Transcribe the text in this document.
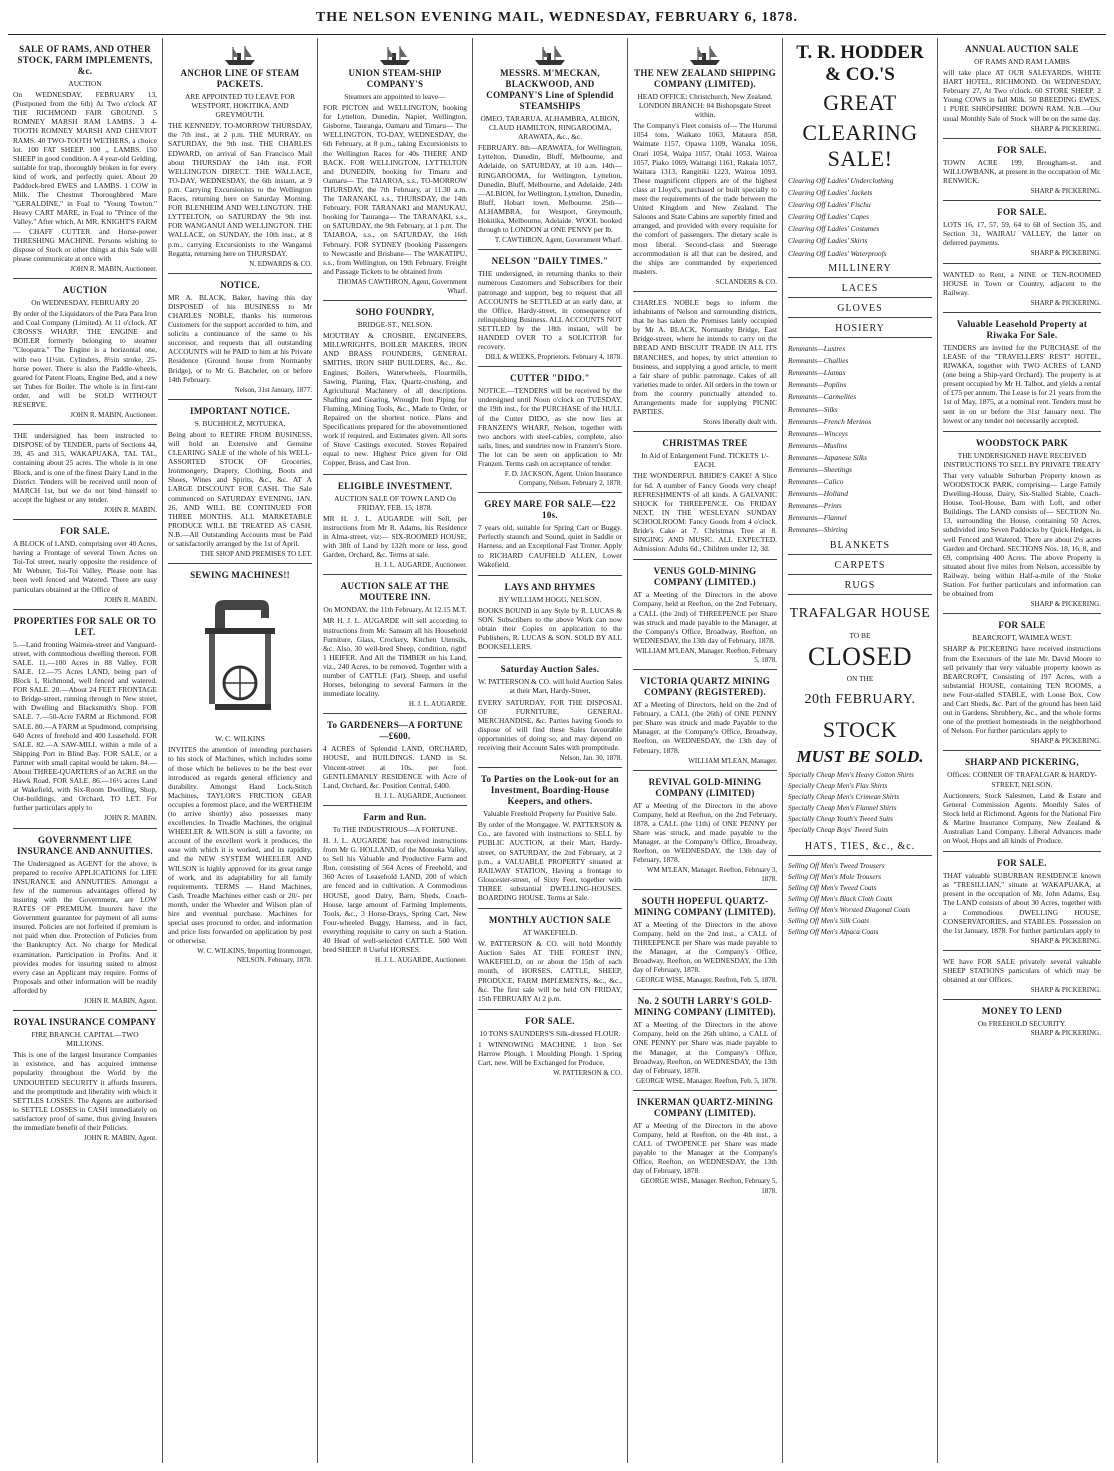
THE NELSON EVENING MAIL, WEDNESDAY, FEBRUARY 6, 1878.
SALE OF RAMS, AND OTHER STOCK, FARM IMPLEMENTS, &c.
AUCTION
On WEDNESDAY, FEBRUARY 13, (Postponed from the 6th) At Two o'clock AT THE RICHMOND FAIR GROUND. 5 ROMNEY MARSH RAM LAMBS. 3 4-TOOTH ROMNEY MARSH AND CHEVIOT RAMS. 40 TWO-TOOTH WETHERS, a choice lot. 100 FAT SHEEP. 100 ,, LAMBS. 150 SHEEP in good condition. A 4 year-old Gelding, suitable for trap, thoroughly broken in for every kind of work, and perfectly quiet. About 20 Paddock-bred EWES and LAMBS. 1 COW in Milk. The Chestnut Thoroughbred Mare "GERALDINE," in Foal to "Young Towton." Heavy CART MARE, in Foal to "Prince of the Valley." After which, At MR. KNIGHT'S FARM— CHAFF CUTTER and Horse-power THRESHING MACHINE. Persons wishing to dispose of Stock or other things at this Sale will please communicate at once with
JOHN R. MABIN, Auctioneer.
AUCTION
On WEDNESDAY, FEBRUARY 20
By order of the Liquidators of the Para Para Iron and Coal Company (Limited). At 11 o'clock. AT CROSS'S WHARF. THE ENGINE and BOILER formerly belonging to steamer "Cleopatra." The Engine is a horizontal one, with two 11½in. Cylinders, 8½in stroke, 25-horse power. There is also the Paddle-wheels, geared for Patent Floats, Engine Bed, and a new set Tubes for Boiler. The whole is in first-rate order, and will be SOLD WITHOUT RESERVE.
JOHN R. MABIN, Auctioneer.
THE undersigned has been instructed to DISPOSE of by TENDER, parts of Sections 44, 39, 45 and 315, WAKAPUAKA, TAL TAL, containing about 25 acres. The whole is in one Block, and is one of the finest Dairy Land in the District. Tenders will be received until noon of MARCH 1st, but we do not bind himself to accept the highest or any tender.
JOHN R. MABIN.
FOR SALE.
A BLOCK of LAND, comprising over 40 Acres, having a Frontage of several Town Acres on Toi-Toi street, nearly opposite the residence of Mr Webster, Toi-Toi Valley. Please note has been well fenced and Watered. There are easy particulars obtained at the Office of
JOHN R. MABIN.
PROPERTIES FOR SALE OR TO LET.
5.—Land fronting Waimea-street and Vanguard-street, with commodious dwelling thereon. FOR SALE. 11.—100 Acres in 88 Valley. FOR SALE. 12.—75 Acres LAND, being part of Block 1, Richmond, well fenced and watered. FOR SALE. 20.—About 24 FEET FRONTAGE to Bridge-street, running through to New street, with Dwelling and Blacksmith's Shop. FOR SALE. 7.—50-Acre FARM at Richmond. FOR SALE. 80.—A FARM at Spudmond, comprising 640 Acres of freehold and 400 Leasehold. FOR SALE. 82.—A SAW-MILL within a mile of a Shipping Port in Blind Bay. FOR SALE, or a Partner with small capital would be taken. 84.—About THREE-QUARTERS of an ACRE on the Hawk Road. FOR SALE. 86.—16½ acres Land at Wakefield, with Six-Room Dwelling, Shop, Out-buildings, and Orchard, TO LET. For further particulars apply to
JOHN R. MABIN.
GOVERNMENT LIFE INSURANCE AND ANNUITIES.
The Undersigned as AGENT for the above, is prepared to receive APPLICATIONS for LIFE INSURANCE and ANNUITIES. Amongst a few of the numerous advantages offered by insuring with the Government, are LOW RATES OF PREMIUM. Insurers have the Government guarantee for payment of all sums insured. Policies are not forfeited if premium is not paid when due. Protection of Policies from the Bankruptcy Act. No charge for Medical examination. Participation in Profits. And it provides modes for insuring suited to almost every case an Applicant may require. Forms of Proposals and other information will be readily afforded by
JOHN R. MABIN, Agent.
ROYAL INSURANCE COMPANY
FIRE BRANCH. CAPITAL—TWO MILLIONS.
This is one of the largest Insurance Companies in existence, and has acquired immense popularity throughout the World by the UNDOUBTED SECURITY it affords Insurers, and the promptitude and liberality with which it SETTLES LOSSES. The Agents are authorised to SETTLE LOSSES in CASH immediately on satisfactory proof of same, thus giving Insurers the immediate benefit of their Policies.
JOHN R. MABIN, Agent.
ANCHOR LINE OF STEAM PACKETS.
ARE APPOINTED TO LEAVE FOR WESTPORT, HOKITIKA, AND GREYMOUTH.
THE KENNEDY, TO-MORROW THURSDAY, the 7th inst., at 2 p.m. THE MURRAY, on SATURDAY, the 9th inst. THE CHARLES EDWARD, on arrival of San Francisco Mail about THURSDAY the 14th inst. FOR WELLINGTON DIRECT. THE WALLACE, TO-DAY, WEDNESDAY, the 6th instant, at 9 p.m. Carrying Excursionists to the Wellington Races, returning here on Saturday Morning. FOR BLENHEIM AND WELLINGTON. THE LYTTELTON, on SATURDAY the 9th inst. FOR WANGANUI AND WELLINGTON. THE WALLACE, on SUNDAY, the 10th inst., at 8 p.m., carrying Excursionists to the Wanganui Regatta, returning here on THURSDAY.
N. EDWARDS & CO.
NOTICE.
MR A. BLACK, Baker, having this day DISPOSED of his BUSINESS to Mr CHARLES NOBLE, thanks his numerous Customers for the support accorded to him, and solicits a continuance of the same to his successor, and requests that all outstanding ACCOUNTS will be PAID to him at his Private Residence (Ground house from Normanby Bridge), or to Mr G. Batcheler, on or before 14th February.
Nelson, 31st January, 1877.
IMPORTANT NOTICE.
S. BUCHHOLZ, MOTUEKA,
Being about to RETIRE FROM BUSINESS, will hold an Extensive and Genuine CLEARING SALE of the whole of his WELL-ASSORTED STOCK OF Groceries, Ironmongery, Drapery, Clothing, Boots and Shoes, Wines and Spirits, &c., &c. AT A LARGE DISCOUNT FOR CASH. The Sale commenced on SATURDAY EVENING, JAN. 26, AND WILL BE CONTINUED FOR THREE MONTHS. ALL MARKETABLE PRODUCE WILL BE TREATED AS CASH. N.B.—All Outstanding Accounts must be Paid or satisfactorily arranged by the 1st of April.
THE SHOP AND PREMISES TO LET.
SEWING MACHINES!!
W. C. WILKINS
INVITES the attention of intending purchasers to his stock of Machines, which includes some of those which he believes to be the best ever introduced as regards general efficiency and durability. Amongst Hand Lock-Stitch Machines, TAYLOR'S FRICTION GEAR occupies a foremost place, and the WERTHEIM (to arrive shortly) also possesses many excellencies. In Treadle Machines, the original WHEELER & WILSON is still a favorite, on account of the excellent work it produces, the ease with which it is worked, and its rapidity, and the NEW SYSTEM WHEELER AND WILSON is highly approved for its great range of work, and its adaptability for all family requirements. TERMS — Hand Machines, Cash. Treadle Machines either cash or 20/- per month, under the Wheeler and Wilson plan of hire and eventual purchase. Machines for special uses procured to order, and information and price lists forwarded on application by post or otherwise.
W. C. WILKINS, Importing Ironmonger, NELSON. February, 1878.
UNION STEAM-SHIP COMPANY'S
Steamers are appointed to leave—
FOR PICTON and WELLINGTON, booking for Lyttelton, Dunedin, Napier, Wellington, Gisborne, Tauranga, Oamaru and Timaru— The WELLINGTON, TO-DAY, WEDNESDAY, the 6th February, at 8 p.m., taking Excursionists to the Wellington Races for 40s THERE AND BACK. FOR WELLINGTON, LYTTELTON and DUNEDIN, booking for Timaru and Oamaru— The TAIAROA, s.s., TO-MORROW THURSDAY, the 7th February, at 11.30 a.m. The TARANAKI, s.s., THURSDAY, the 14th February. FOR TARANAKI and MANUKAU, booking for Tauranga— The TARANAKI, s.s., on SATURDAY, the 9th February, at 1 p.m. The TAIAROA, s.s., on SATURDAY, the 16th February. FOR SYDNEY (booking Passengers to Newcastle and Brisbane— The WAKATIPU, s.s., from Wellington, on 19th February. Freight and Passage Tickets to be obtained from
THOMAS CAWTHRON, Agent, Government Wharf.
SOHO FOUNDRY,
BRIDGE-ST., NELSON.
MOUTRAY & CROSBIE, ENGINEERS, MILLWRIGHTS, BOILER MAKERS, IRON AND BRASS FOUNDERS, GENERAL SMITHS, IRON SHIP BUILDERS, &c., &c. Engines, Boilers, Waterwheels, Flourmills, Sawing, Planing, Flax, Quartz-crushing, and Agricultural Machinery of all descriptions. Shafting and Gearing, Wrought Iron Piping for Fluming, Mining Tools, &c., Made to Order, or Repaired on the shortest notice. Plans and Specifications prepared for the abovementioned work if required, and Estimates given. All sorts of Stove Castings executed. Stoves Repaired equal to new. Highest Price given for Old Copper, Brass, and Cast Iron.
ELIGIBLE INVESTMENT.
AUCTION SALE OF TOWN LAND On FRIDAY, FEB. 15, 1878.
MR H. J. L. AUGARDE will Sell, per instructions from Mr R. Adams, his Residence in Alma-street, viz:— SIX-ROOMED HOUSE, with 38ft of Land by 132ft more or less, good Garden, Orchard, &c. Terms at sale.
H. J. L. AUGARDE, Auctioneer.
AUCTION SALE AT THE MOUTERE INN.
On MONDAY, the 11th February, At 12.15 M.T.
MR H. J. L. AUGARDE will sell according to instructions from Mr. Sansum all his Household Furniture, Glass, Crockery, Kitchen Utensils, &c. Also, 30 well-bred Sheep, condition, right! 1 HEIFER. And All the TIMBER on his Land, viz., 240 Acres, to be removed. Together with a number of CATTLE (Fat), Sheep, and useful Horses, belonging to several Farmers in the immediate locality.
H. J. L. AUGARDE.
To GARDENERS—A FORTUNE—£600.
4 ACRES of Splendid LAND, ORCHARD, HOUSE, and BUILDINGS. LAND in St. Vincent-street at 10s. per foot. GENTLEMANLY RESIDENCE with Acre of Land, Orchard, &c. Position Central, £400.
H. J. L. AUGARDE, Auctioneer.
Farm and Run.
To THE INDUSTRIOUS—A FORTUNE.
H. J. L. AUGARDE has received instructions from Mr G. HOLLAND, of the Motueka Valley, to Sell his Valuable and Productive Farm and Run, consisting of 564 Acres of Freehold, and 360 Acres of Leasehold LAND, 200 of which are fenced and in cultivation. A Commodious HOUSE, good Dairy, Barn, Sheds, Coach-House, large amount of Farming Implements, Tools, &c., 3 Horse-Drays, Spring Cart, New Four-wheeled Buggy, Harness, and in fact, everything requisite to carry on such a Station. 40 Head of well-selected CATTLE. 500 Well bred SHEEP. 8 Useful HORSES.
H. J. L. AUGARDE, Auctioneer.
MESSRS. M'MECKAN, BLACKWOOD, AND COMPANY'S Line of Splendid STEAMSHIPS
OMEO, TARARUA, ALHAMBRA, ALBION, CLAUD HAMILTON, RINGAROOMA, ARAWATA, &c., &c.
FEBRUARY. 8th—ARAWATA, for Wellington, Lyttelton, Dunedin, Bluff, Melbourne, and Adelaide, on SATURDAY, at 10 a.m. 14th—RINGAROOMA, for Wellington, Lyttelton, Dunedin, Bluff, Melbourne, and Adelaide. 24th—ALBION, for Wellington, Lyttelton, Dunedin, Bluff, Hobart town, Melbourne. 25th—ALHAMBRA, for Westport, Greymouth, Hokitika, Melbourne, Adelaide. WOOL booked through to LONDON at ONE PENNY per lb.
T. CAWTHRON, Agent, Government Wharf.
NELSON "DAILY TIMES."
THE undersigned, in returning thanks to their numerous Customers and Subscribers for their patronage and support, beg to request that all ACCOUNTS be SETTLED at an early date, at the Office, Hardy-street, in consequence of relinquishing Business. ALL ACCOUNTS NOT SETTLED by the 18th instant, will be HANDED OVER TO a SOLICITOR for recovery.
DILL & WEEKS, Proprietors. February 4, 1878.
CUTTER "DIDO."
NOTICE.—TENDERS will be received by the undersigned until Noon o'clock on TUESDAY, the 19th inst., for the PURCHASE of the HULL of the Cutter DIDO, as she now lies at FRANZEN'S WHARF, Nelson, together with two anchors with steel-cables, complete, also sails, lines, and sundries now in Franzen's Store. The lot can be seen on application to Mr Franzen. Terms cash on acceptance of tender.
F. D. JACKSON, Agent. Union Insurance Company, Nelson. February 2, 1878.
GREY MARE FOR SALE—£22 10s.
7 years old, suitable for Spring Cart or Buggy. Perfectly staunch and Sound, quiet in Saddle or Harness, and an Exceptional Fast Trotter. Apply to RICHARD CAUFIELD ALLEN, Lower Wakefield.
LAYS AND RHYMES
BY WILLIAM HOGG, NELSON.
BOOKS BOUND in any Style by R. LUCAS & SON. Subscribers to the above Work can now obtain their Copies on application to the Publishers, R. LUCAS & SON. SOLD BY ALL BOOKSELLERS.
Saturday Auction Sales.
W. PATTERSON & CO. will hold Auction Sales at their Mart, Hardy-Street,
EVERY SATURDAY, FOR THE DISPOSAL OF FURNITURE, GENERAL MERCHANDISE, &c. Parties having Goods to dispose of will find these Sales favourable opportunities of doing so, and may depend on receiving their Account Sales with promptitude.
Nelson, Jan. 30, 1878.
To Parties on the Look-out for an Investment, Boarding-House Keepers, and others.
Valuable Freehold Property for Positive Sale.
By order of the Mortgagee. W. PATTERSON & Co., are favored with instructions to SELL by PUBLIC AUCTION, at their Mart, Hardy-street, on SATURDAY, the 2nd February, at 2 p.m., a VALUABLE PROPERTY situated at RAILWAY STATION, Having a frontage to Gloucester-street, of Sixty Feet, together with THREE substantial DWELLING-HOUSES. BOARDING HOUSE. Terms at Sale.
MONTHLY AUCTION SALE
AT WAKEFIELD.
W. PATTERSON & CO. will hold Monthly Auction Sales AT THE FOREST INN, WAKEFIELD, on or about the 15th of each month, of HORSES, CATTLE, SHEEP, PRODUCE, FARM IMPLEMENTS, &c., &c., &c. The first sale will be held ON FRIDAY, 15th FEBRUARY At 2 p.m.
FOR SALE.
10 TONS SAUNDERS'S Silk-dressed FLOUR.
1 WINNOWING MACHINE. 1 Iron Set Harrow Plough. 1 Moulding Plough. 1 Spring Cart, new. Will be Exchanged for Produce.
W. PATTERSON & CO.
THE NEW ZEALAND SHIPPING COMPANY (LIMITED).
HEAD OFFICE: Christchurch, New Zealand. LONDON BRANCH: 84 Bishopsgate Street within.
The Company's Fleet consists of— The Hurunui 1054 tons, Waikato 1063, Mataura 858, Waimate 1157, Opawa 1109, Wanaka 1056, Orari 1054, Waipa 1057, Otaki 1053, Wairoa 1057, Piako 1069, Waitangi 1161, Rakaia 1057, Waitara 1313, Rangitiki 1223, Wairoa 1093. These magnificent clippers are of the highest class at Lloyd's, purchased or built specially to meet the requirements of the trade between the United Kingdom and New Zealand. The Saloons and State Cabins are superbly fitted and arranged, and provided with every requisite for the comfort of passengers. The dietary scale is most liberal. Second-class and Steerage accommodation is all that can be desired, and the ships are commanded by experienced masters.
SCLANDERS & CO.
CHARLES NOBLE begs to inform the inhabitants of Nelson and surrounding districts, that he has taken the Premises lately occupied by Mr A. BLACK, Normanby Bridge, East Bridge-street, where he intends to carry on the BREAD AND BISCUIT TRADE IN ALL ITS BRANCHES, and hopes, by strict attention to business, and supplying a good article, to merit a fair share of public patronage. Cakes of all varieties made to order. All orders in the town or from the country punctually attended to. Arrangements made for supplying PICNIC PARTIES.
Stores liberally dealt with.
CHRISTMAS TREE
In Aid of Enlargement Fund. TICKETS 1/- EACH.
THE WONDERFUL BRIDE'S CAKE! A Slice for 6d. A number of Fancy Goods very cheap! REFRESHMENTS of all kinds. A GALVANIC SHOCK for THREEPENCE. On FRIDAY NEXT, IN THE WESLEYAN SUNDAY SCHOOLROOM: Fancy Goods from 4 o'clock. Bride's Cake at 7. Christmas Tree at 8. SINGING AND MUSIC. ALL EXPECTED. Admission: Adults 6d., Children under 12, 3d.
VENUS GOLD-MINING COMPANY (LIMITED.)
AT a Meeting of the Directors in the above Company, held at Reefton, on the 2nd February, a CALL (the 2nd) of THREEPENCE per Share was struck and made payable to the Manager, at the Company's Office, Broadway, Reefton, on WEDNESDAY, the 13th day of February, 1878.
WILLIAM M'LEAN, Manager. Reefton, February 5, 1878.
VICTORIA QUARTZ MINING COMPANY (REGISTERED).
AT a Meeting of Directors, held on the 2nd of February, a CALL (the 26th) of ONE PENNY per Share was struck and made Payable to the Manager, at the Company's Office, Broadway, Reefton, on WEDNESDAY, the 13th day of February, 1878.
WILLIAM M'LEAN, Manager.
REVIVAL GOLD-MINING COMPANY (LIMITED)
AT a Meeting of the Directors in the above Company, held at Reefton, on the 2nd February, 1878, a CALL (the 11th) of ONE PENNY per Share was struck, and made payable to the Manager, at the Company's Office, Broadway, Reefton, on WEDNESDAY, the 13th day of February, 1878.
WM M'LEAN, Manager. Reefton, February 3, 1878.
SOUTH HOPEFUL QUARTZ-MINING COMPANY (LIMITED).
AT a Meeting of the Directors in the above Company, held on the 2nd inst., a CALL of THREEPENCE per Share was made payable to the Manager, at the Company's Office, Broadway, Reefton, on WEDNESDAY, the 13th day of February, 1878.
GEORGE WISE, Manager. Reefton, Feb. 5, 1878.
No. 2 SOUTH LARRY'S GOLD-MINING COMPANY (LIMITED).
AT a Meeting of the Directors in the above Company, held on the 26th ultimo, a CALL of ONE PENNY per Share was made payable to the Manager, at the Company's Office, Broadway, Reefton, on WEDNESDAY, the 13th day of February, 1878.
GEORGE WISE, Manager. Reefton, Feb. 5, 1878.
INKERMAN QUARTZ-MINING COMPANY (LIMITED).
AT a Meeting of the Directors in the above Company, held at Reefton, on the 4th inst., a CALL of TWOPENCE per Share was made payable to the Manager at the Company's Office, Reefton, on WEDNESDAY, the 13th day of February, 1878.
GEORGE WISE, Manager. Reefton, February 5, 1878.
T. R. HODDER & CO.'S
GREAT
CLEARING SALE!
Clearing Off Ladies' Underclothing
Clearing Off Ladies' Jackets
Clearing Off Ladies' Fischu
Clearing Off Ladies' Capes
Clearing Off Ladies' Costumes
Clearing Off Ladies' Skirts
Clearing Off Ladies' Waterproofs
MILLINERY
LACES
GLOVES
HOSIERY
Remnants—Lustres
Remnants—Challies
Remnants—Llamas
Remnants—Poplins
Remnants—Carmelites
Remnants—Silks
Remnants—French Merinos
Remnants—Winceys
Remnants—Muslins
Remnants—Japanese Silks
Remnants—Sheetings
Remnants—Calico
Remnants—Holland
Remnants—Prints
Remnants—Flannel
Remnants—Shirting
BLANKETS
CARPETS
RUGS
TRAFALGAR HOUSE
TO BE
CLOSED
ON THE
20th FEBRUARY.
STOCK
MUST BE SOLD.
Specially Cheap Men's Heavy Cotton Shirts
Specially Cheap Men's Flax Shirts
Specially Cheap Men's Crimean Shirts
Specially Cheap Men's Flannel Shirts
Specially Cheap Youth's Tweed Suits
Specially Cheap Boys' Tweed Suits
HATS, TIES, &c., &c.
Selling Off Men's Tweed Trousers
Selling Off Men's Mole Trousers
Selling Off Men's Tweed Coats
Selling Off Men's Black Cloth Coats
Selling Off Men's Worsted Diagonal Coats
Selling Off Men's Silk Coats
Selling Off Men's Alpaca Coats
ANNUAL AUCTION SALE
OF RAMS AND RAM LAMBS
will take place AT OUR SALEYARDS, WHITE HART HOTEL, RICHMOND. On WEDNESDAY, February 27, At Two o'clock. 60 STORE SHEEP. 2 Young COWS in full Milk. 50 BREEDING EWES. 1 PURE SHROPSHIRE DOWN RAM. N.B.—Our usual Monthly Sale of Stock will be on the same day.
SHARP & PICKERING.
FOR SALE.
TOWN ACRE 199, Brougham-st. and WILLOWBANK, at present in the occupation of Mr. RENWICK.
SHARP & PICKERING.
FOR SALE.
LOTS 16, 17, 57, 59, 64 to 68 of Section 35, and Section 31, WAIRAU VALLEY, the latter on deferred payments.
SHARP & PICKERING.
WANTED to Rent, a NINE or TEN-ROOMED HOUSE in Town or Country, adjacent to the Railway.
SHARP & PICKERING.
Valuable Leasehold Property at Riwaka For Sale.
TENDERS are invited for the PURCHASE of the LEASE of the "TRAVELLERS' REST" HOTEL, RIWAKA, together with TWO ACRES of LAND (one being a Ship-yard Orchard). The property is at present occupied by Mr H. Talbot, and yields a rental of £75 per annum. The Lease is for 21 years from the 1st of May, 1875, at a nominal rent. Tenders must be sent in on or before the 31st January next. The lowest or any tender not necessarily accepted.
WOODSTOCK PARK
THE UNDERSIGNED HAVE RECEIVED INSTRUCTIONS TO SELL BY PRIVATE TREATY
That very valuable Suburban Property known as WOODSTOCK PARK, comprising— Large Family Dwelling-House, Dairy, Six-Stalled Stable, Coach-House, Tool-House, Barn with Loft, and other Buildings. The LAND consists of— SECTION No. 13, surrounding the House, containing 50 Acres, subdivided into Seven Paddocks by Quick Hedges, is well Fenced and Watered. There are about 2½ acres Garden and Orchard. SECTIONS Nos. 18, 16, 8, and 69, comprising 400 Acres. The above Property is situated about five miles from Nelson, accessible by Railway, being within Half-a-mile of the Stoke Station. For further particulars and information can be obtained from
SHARP & PICKERING.
FOR SALE
BEARCROFT, WAIMEA WEST.
SHARP & PICKERING have received instructions from the Executors of the late Mr. David Moore to sell privately that very valuable property known as BEARCROFT, Consisting of 197 Acres, with a substantial HOUSE, containing TEN ROOMS, a new Four-stalled STABLE, with Loose Box, Cow and Cart Sheds, &c. Part of the ground has been laid out in Gardens, Shrubbery, &c., and the whole forms one of the prettiest homesteads in the neighborhood of Nelson. For further particulars apply to
SHARP & PICKERING.
SHARP AND PICKERING,
Offices: CORNER OF TRAFALGAR & HARDY-STREET, NELSON.
Auctioneers, Stock Salesmen, Land & Estate and General Commission Agents. Monthly Sales of Stock held at Richmond. Agents for the National Fire & Marine Insurance Company, New Zealand & Australian Land Company. Liberal Advances made on Wool, Hops and all kinds of Produce.
FOR SALE.
THAT valuable SUBURBAN RESIDENCE known as "TRESILLIAN," situate at WAKAPUAKA, at present in the occupation of Mr. John Adams, Esq. The LAND consists of about 30 Acres, together with a Commodious DWELLING HOUSE, CONSERVATORIES, and STABLES. Possession on the 1st January, 1878. For further particulars apply to
SHARP & PICKERING.
WE have FOR SALE privately several valuable SHEEP STATIONS particulars of which may be obtained at our Offices.
SHARP & PICKERING.
MONEY TO LEND
On FREEHOLD SECURITY.
SHARP & PICKERING.
